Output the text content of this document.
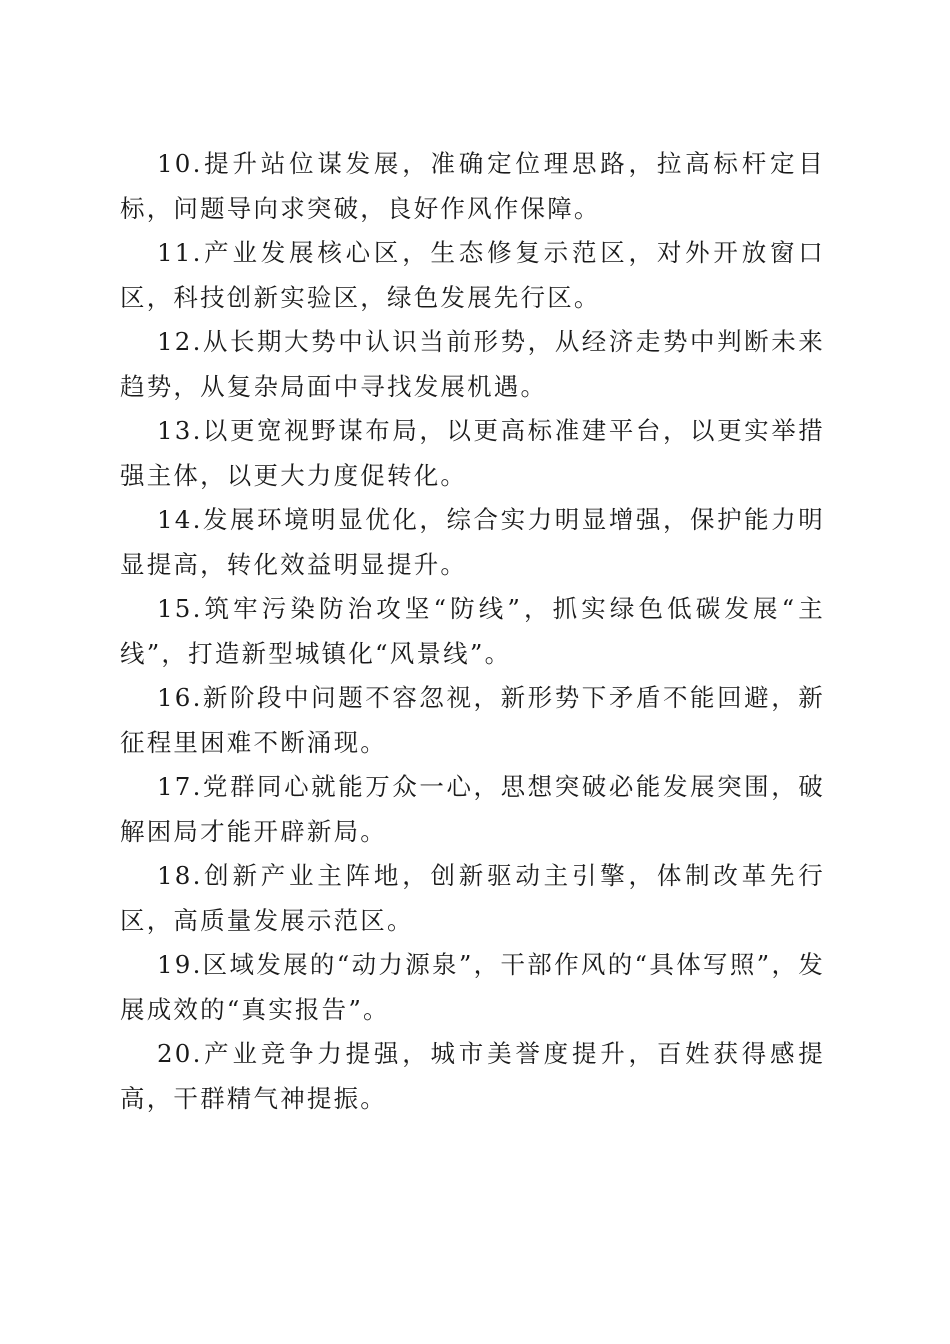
10.提升站位谋发展，准确定位理思路，拉高标杆定目标，问题导向求突破，良好作风作保障。

11.产业发展核心区，生态修复示范区，对外开放窗口区，科技创新实验区，绿色发展先行区。

12.从长期大势中认识当前形势，从经济走势中判断未来趋势，从复杂局面中寻找发展机遇。

13.以更宽视野谋布局，以更高标准建平台，以更实举措强主体，以更大力度促转化。

14.发展环境明显优化，综合实力明显增强，保护能力明显提高，转化效益明显提升。

15.筑牢污染防治攻坚“防线”，抓实绿色低碳发展“主线”，打造新型城镇化“风景线”。

16.新阶段中问题不容忽视，新形势下矛盾不能回避，新征程里困难不断涌现。

17.党群同心就能万众一心，思想突破必能发展突围，破解困局才能开辟新局。

18.创新产业主阵地，创新驱动主引擎，体制改革先行区，高质量发展示范区。

19.区域发展的“动力源泉”，干部作风的“具体写照”，发展成效的“真实报告”。

20.产业竞争力提强，城市美誉度提升，百姓获得感提高，干群精气神提振。
